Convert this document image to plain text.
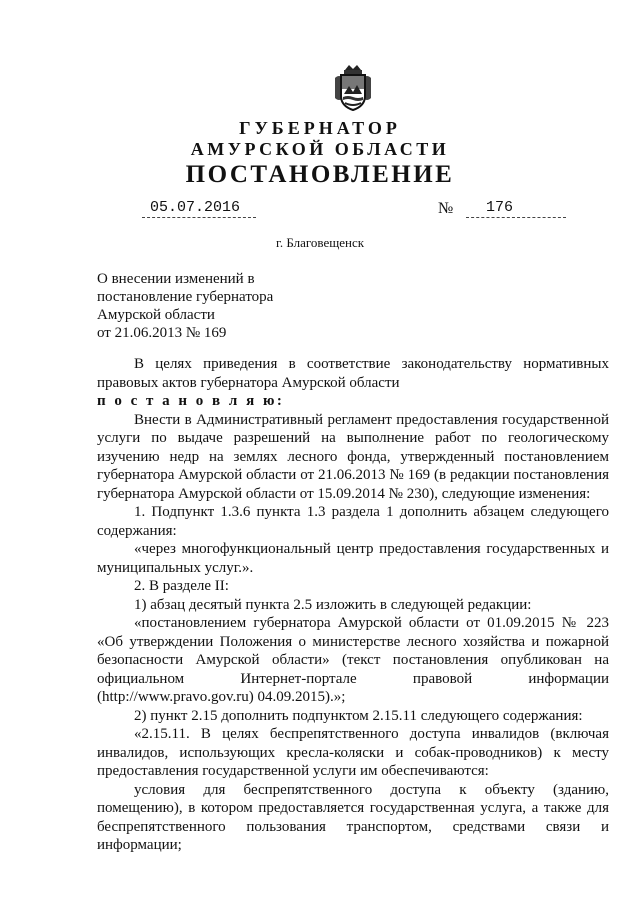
ГУБЕРНАТОР
АМУРСКОЙ ОБЛАСТИ
ПОСТАНОВЛЕНИЕ
05.07.2016	№ 176
г. Благовещенск
О внесении изменений в
постановление губернатора
Амурской области
от 21.06.2013 № 169

В целях приведения в соответствие законодательству нормативных правовых актов губернатора Амурской области

п о с т а н о в л я ю:

Внести в Административный регламент предоставления государственной услуги по выдаче разрешений на выполнение работ по геологическому изучению недр на землях лесного фонда, утвержденный постановлением губернатора Амурской области от 21.06.2013 № 169 (в редакции постановления губернатора Амурской области от 15.09.2014 № 230), следующие изменения:

1. Подпункт 1.3.6 пункта 1.3 раздела 1 дополнить абзацем следующего содержания:

«через многофункциональный центр предоставления государственных и муниципальных услуг.».

2. В разделе II:

1) абзац десятый пункта 2.5 изложить в следующей редакции:

«постановлением губернатора Амурской области от 01.09.2015 № 223 «Об утверждении Положения о министерстве лесного хозяйства и пожарной безопасности Амурской области» (текст постановления опубликован на официальном Интернет-портале правовой информации (http://www.pravo.gov.ru) 04.09.2015).»;

2) пункт 2.15 дополнить подпунктом 2.15.11 следующего содержания:

«2.15.11. В целях беспрепятственного доступа инвалидов (включая инвалидов, использующих кресла-коляски и собак-проводников) к месту предоставления государственной услуги им обеспечиваются:

условия для беспрепятственного доступа к объекту (зданию, помещению), в котором предоставляется государственная услуга, а также для беспрепятственного пользования транспортом, средствами связи и информации;
